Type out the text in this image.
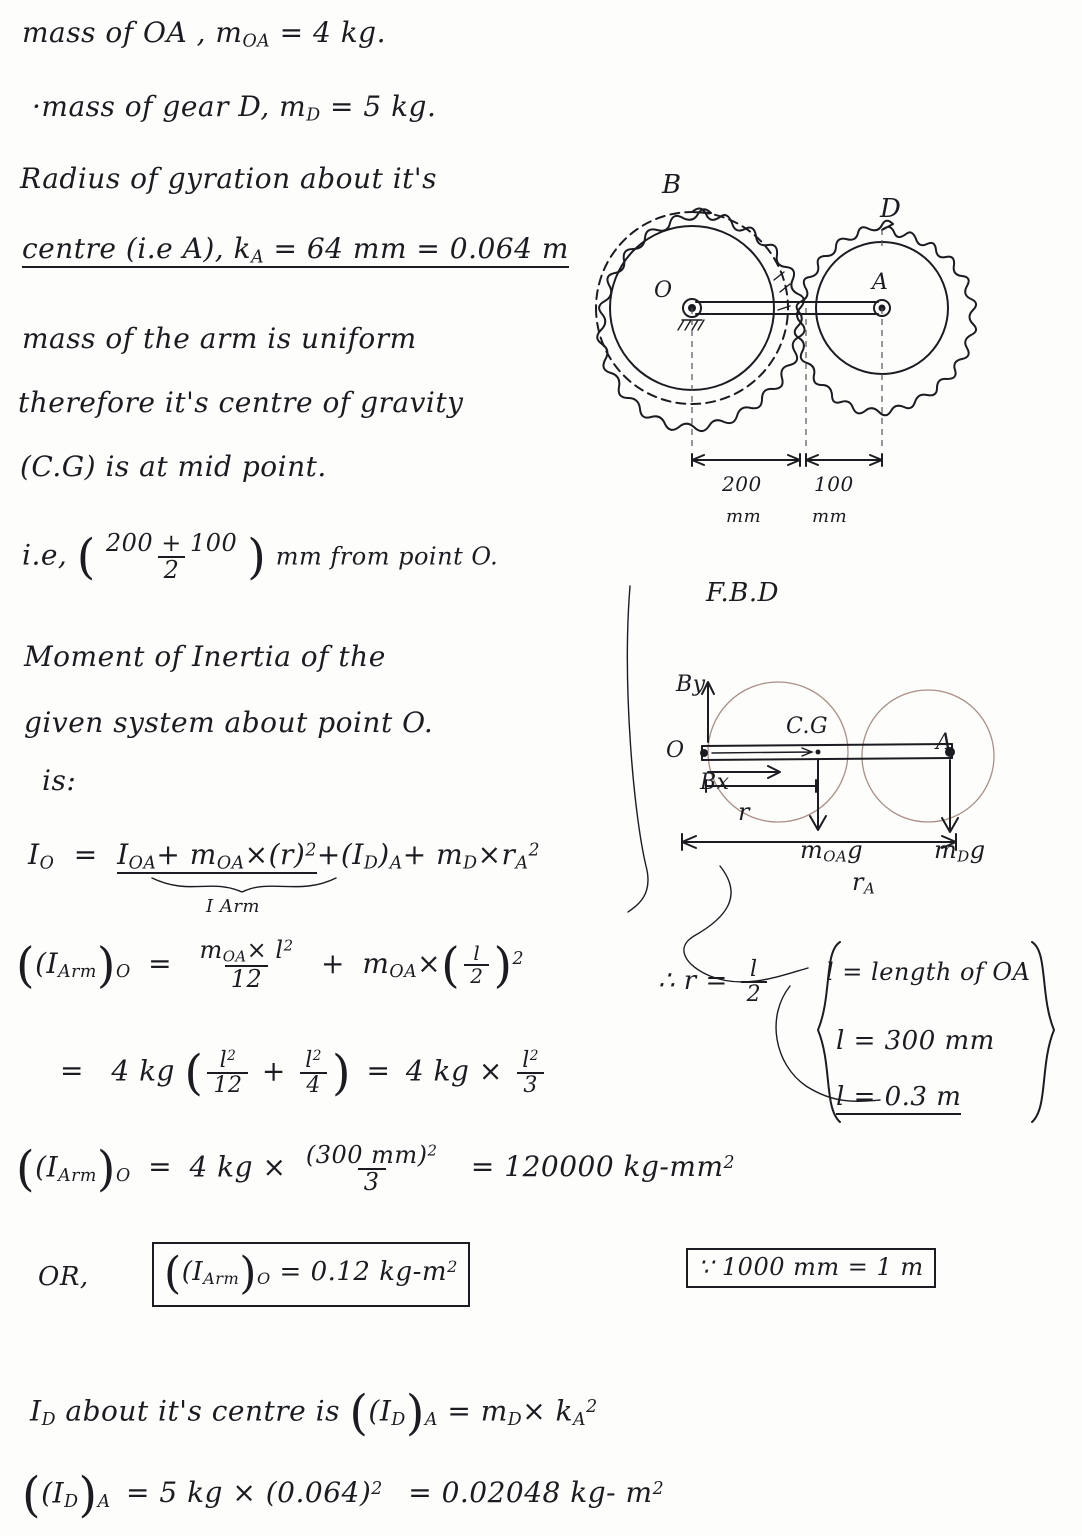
mass of OA , $m_{OA} = 4$ kg.
·mass of gear D, $m_D = 5$ kg.
Radius of gyration about it's
centre (i.e A), $k_A = 64$ mm = 0.064 m
mass of the arm is uniform
therefore it's centre of gravity
(C.G) is at mid point.
i.e, ( $\frac{200 + 100}{2}$ ) mm from point O.
Moment of Inertia of the
given system about point O.
is:
$I_O = I_{OA}+ m_{OA}\times(r)^2+(I_D)_A+ m_D\times r_A^2$
I Arm
($(I_{Arm})_O = \frac{m_{OA}\times l^2}{12} + m_{OA}\times( \frac{l}{2} )^2$
= 4 kg ( $\frac{l^2}{12} + \frac{l^2}{4}$ ) = 4 kg × $\frac{l^2}{3}$
($(I_{Arm})_O = 4$ kg × $\frac{(300 mm)^2}{3} = 120000$ $kg-mm^2$
OR, ($(I_{Arm})_O = 0.12$ $kg-m^2$	∵ 1000 mm = 1 m
$I_D$ about it's centre is ($(I_D)_A = m_D\times k_A^2$
($(I_D)_A = 5$ kg × $(0.064)^2 = 0.02048$ kg- $m^2$
∴ $r = \frac{l}{2}$ l = length of OA
l = 300 mm
l = 0.3 m
B
D
O	A
200
mm
100
mm
F.B.D
By
Bx
O	A
C.G
r
$r_A$
$m_{OA}g$	$m_Dg$
